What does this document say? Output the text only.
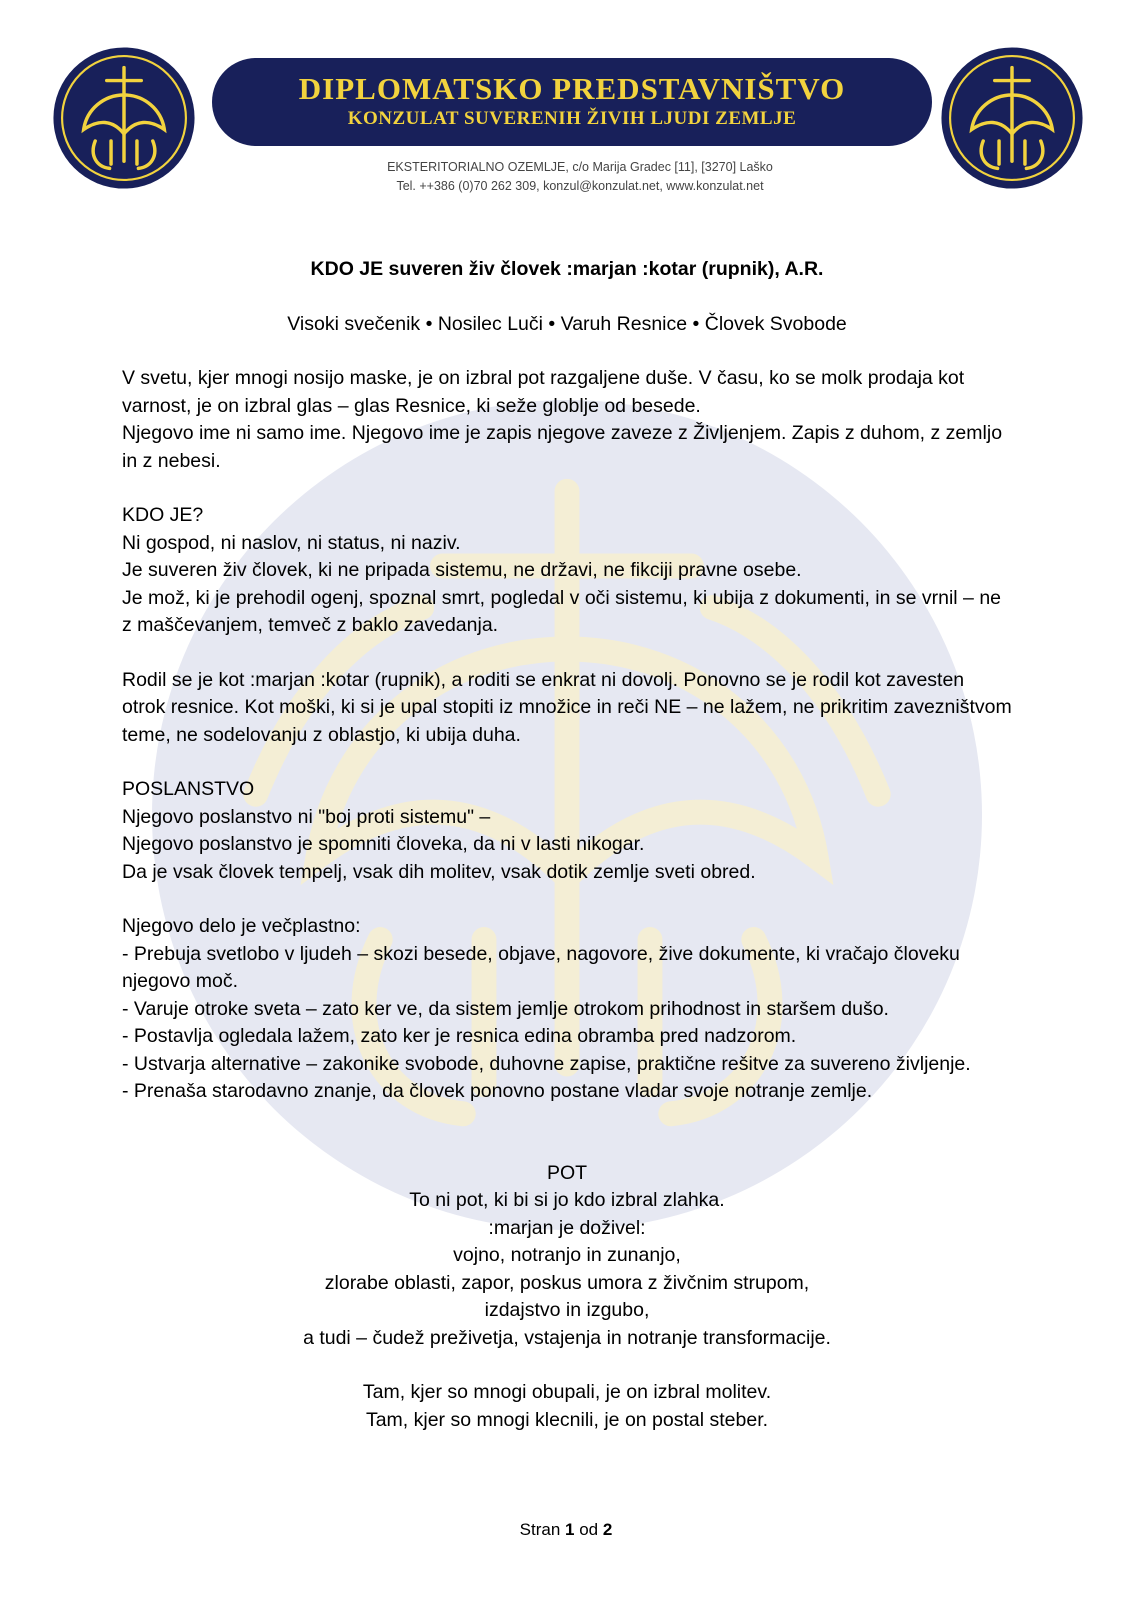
DIPLOMATSKO PREDSTAVNIŠTVO
KONZULAT SUVERENIH ŽIVIH LJUDI ZEMLJE
EKSTERITORIALNO OZEMLJE, c/o Marija Gradec [11], [3270] Laško
Tel. ++386 (0)70 262 309, konzul@konzulat.net, www.konzulat.net
KDO JE suveren živ človek :marjan :kotar (rupnik), A.R.
Visoki svečenik • Nosilec Luči • Varuh Resnice • Človek Svobode

V svetu, kjer mnogi nosijo maske, je on izbral pot razgaljene duše. V času, ko se molk prodaja kot varnost, je on izbral glas – glas Resnice, ki seže globlje od besede.

Njegovo ime ni samo ime. Njegovo ime je zapis njegove zaveze z Življenjem. Zapis z duhom, z zemljo in z nebesi.

KDO JE?

Ni gospod, ni naslov, ni status, ni naziv.

Je suveren živ človek, ki ne pripada sistemu, ne državi, ne fikciji pravne osebe.

Je mož, ki je prehodil ogenj, spoznal smrt, pogledal v oči sistemu, ki ubija z dokumenti, in se vrnil – ne z maščevanjem, temveč z baklo zavedanja.

Rodil se je kot :marjan :kotar (rupnik), a roditi se enkrat ni dovolj. Ponovno se je rodil kot zavesten otrok resnice. Kot moški, ki si je upal stopiti iz množice in reči NE – ne lažem, ne prikritim zavezništvom teme, ne sodelovanju z oblastjo, ki ubija duha.

POSLANSTVO

Njegovo poslanstvo ni "boj proti sistemu" –

Njegovo poslanstvo je spomniti človeka, da ni v lasti nikogar.

Da je vsak človek tempelj, vsak dih molitev, vsak dotik zemlje sveti obred.

Njegovo delo je večplastno:

- Prebuja svetlobo v ljudeh – skozi besede, objave, nagovore, žive dokumente, ki vračajo človeku njegovo moč.

- Varuje otroke sveta – zato ker ve, da sistem jemlje otrokom prihodnost in staršem dušo.

- Postavlja ogledala lažem, zato ker je resnica edina obramba pred nadzorom.

- Ustvarja alternative – zakonike svobode, duhovne zapise, praktične rešitve za suvereno življenje.

- Prenaša starodavno znanje, da človek ponovno postane vladar svoje notranje zemlje.

POT

To ni pot, ki bi si jo kdo izbral zlahka.

:marjan je doživel:

vojno, notranjo in zunanjo,

zlorabe oblasti, zapor, poskus umora z živčnim strupom,

izdajstvo in izgubo,

a tudi – čudež preživetja, vstajenja in notranje transformacije.

Tam, kjer so mnogi obupali, je on izbral molitev.

Tam, kjer so mnogi klecnili, je on postal steber.

Stran 1 od 2
